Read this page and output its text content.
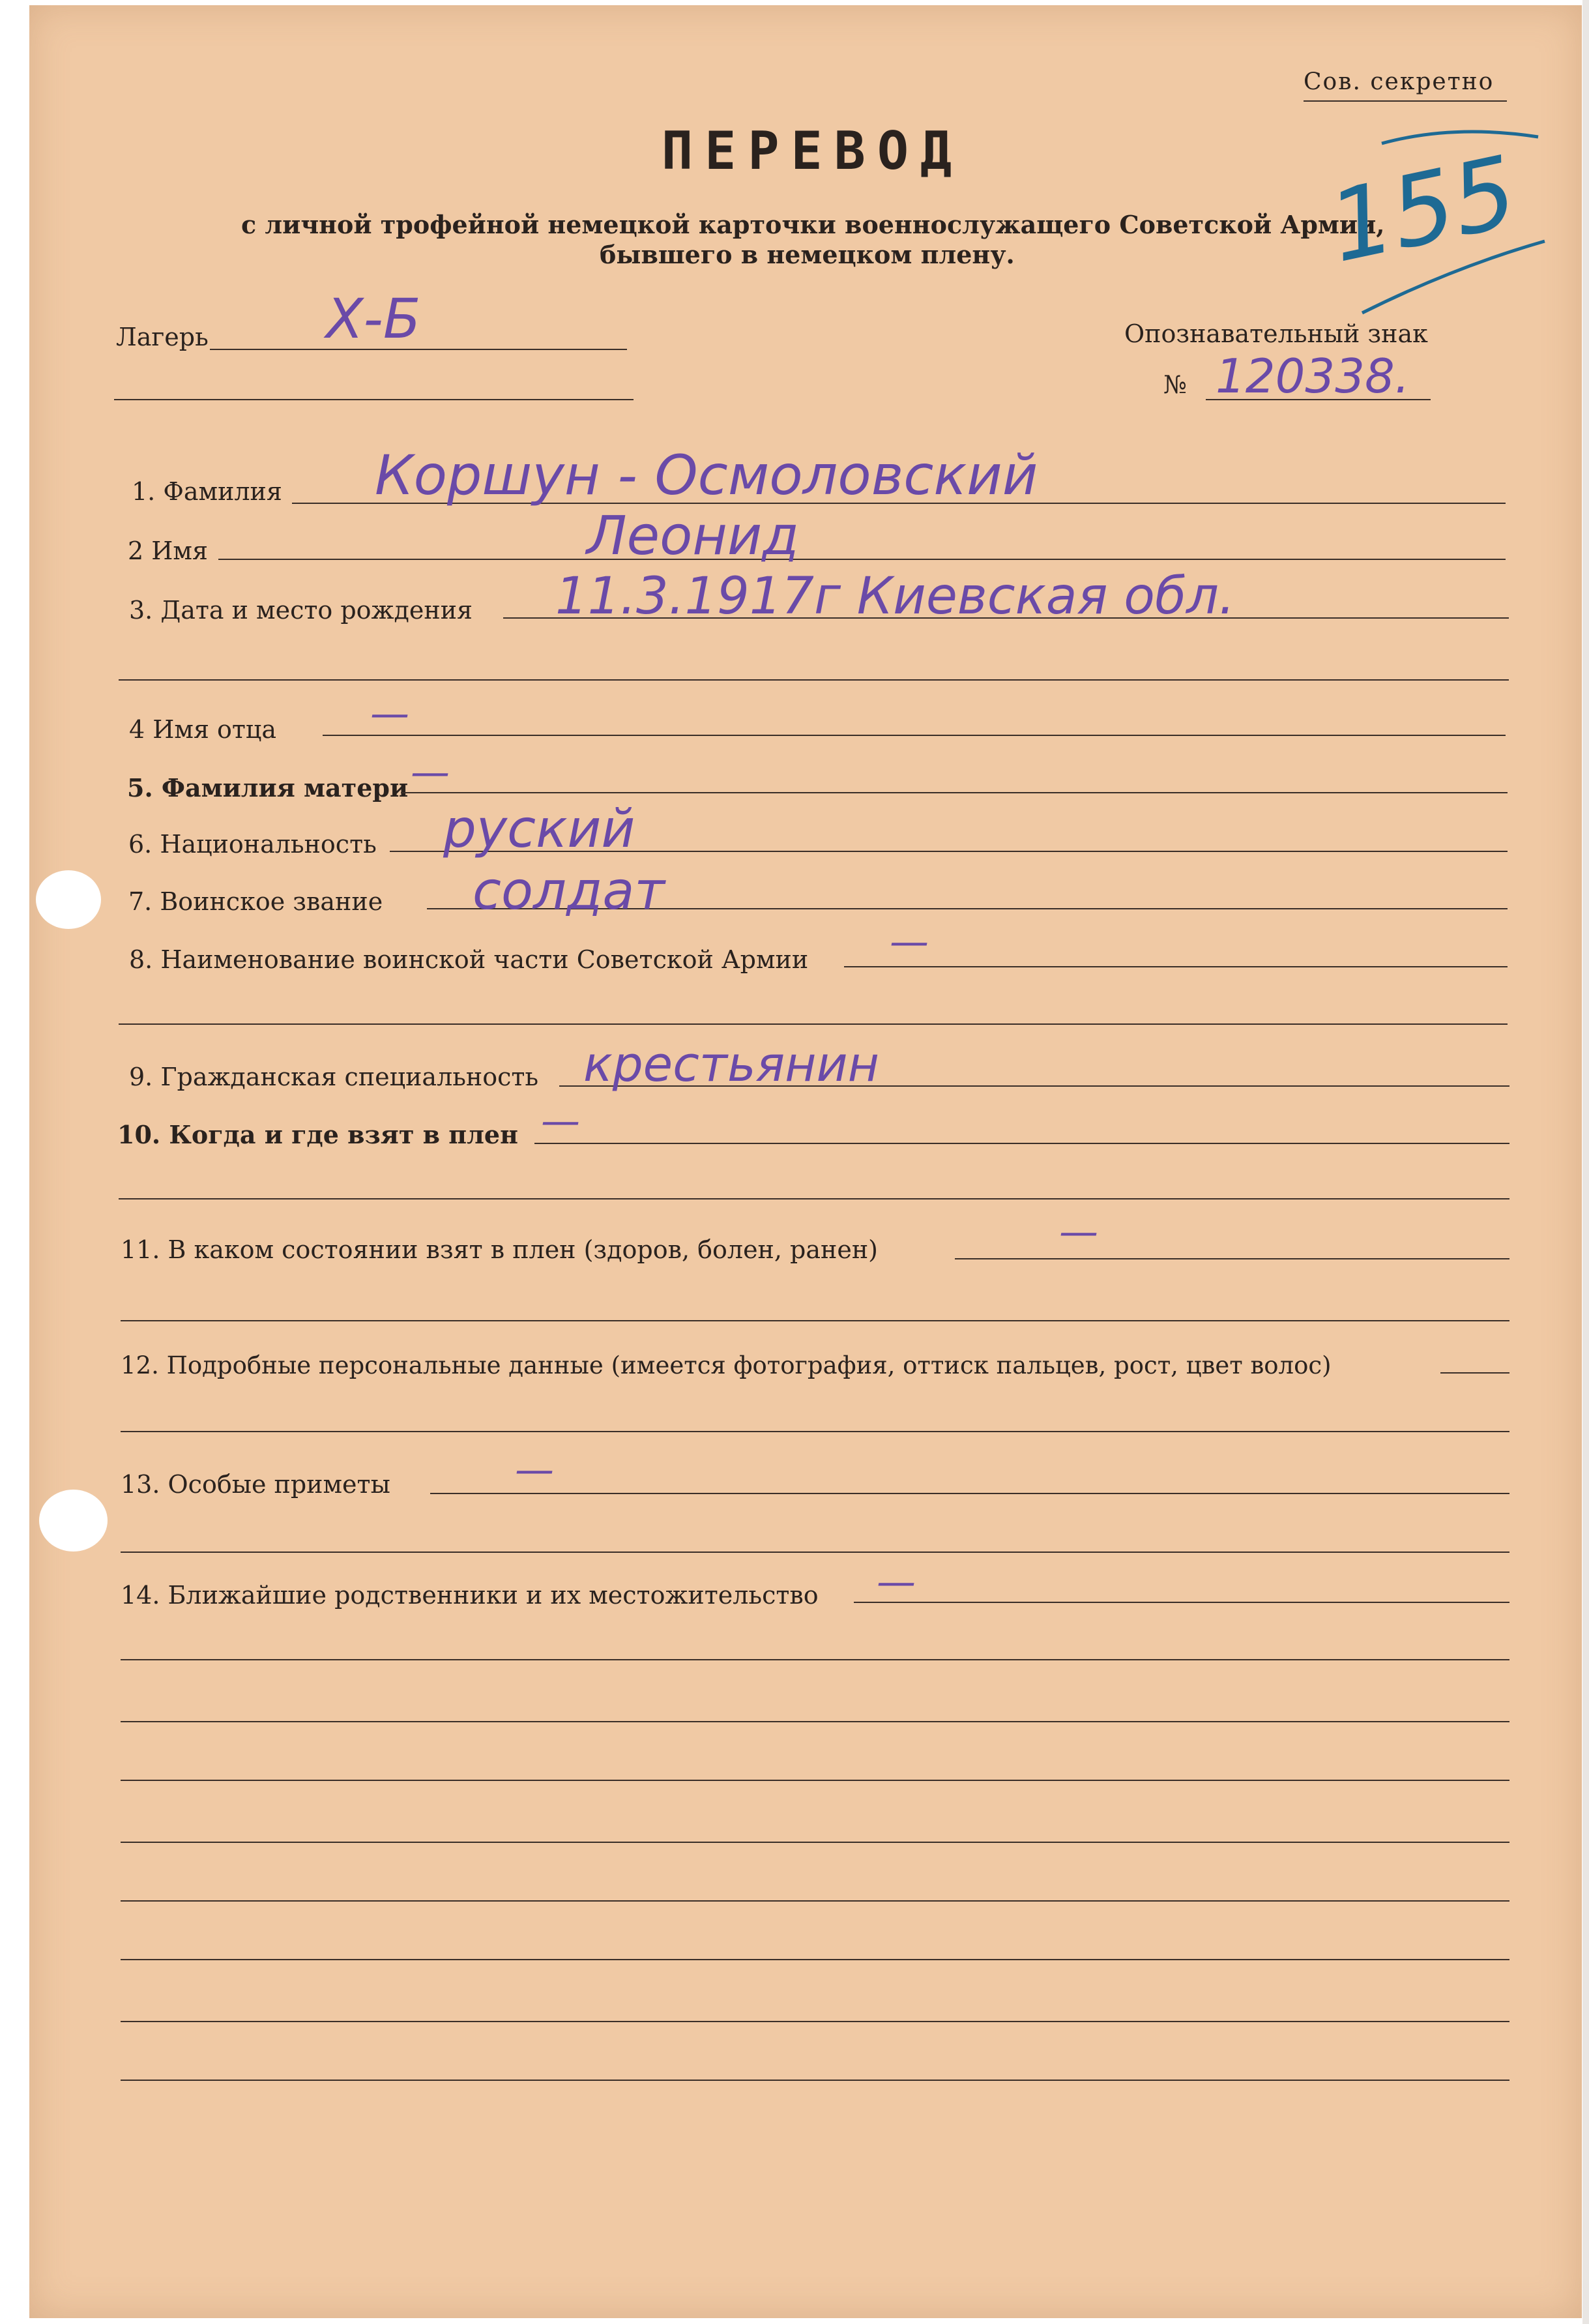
Сов. секретно
ПЕРЕВОД
с личной трофейной немецкой карточки военнослужащего Советской Армии,
бывшего в немецком плену.	155
Лагерь Х-Б	Опознавательный знак
№ 120338.
1. Фамилия Коршун - Осмоловский
2 Имя	Леонид
3. Дата и место рождения 11.3.1917г Киевская обл.
4 Имя отца —
5. Фамилия матери —
6. Национальность руский
7. Воинское звание солдат
8. Наименование воинской части Советской Армии —
9. Гражданская специальность крестьянин
10. Когда и где взят в плен —
11. В каком состоянии взят в плен (здоров, болен, ранен)	—
12. Подробные персональные данные (имеется фотография, оттиск пальцев, рост, цвет волос)
13. Особые приметы	—
14. Ближайшие родственники и их местожительство —
